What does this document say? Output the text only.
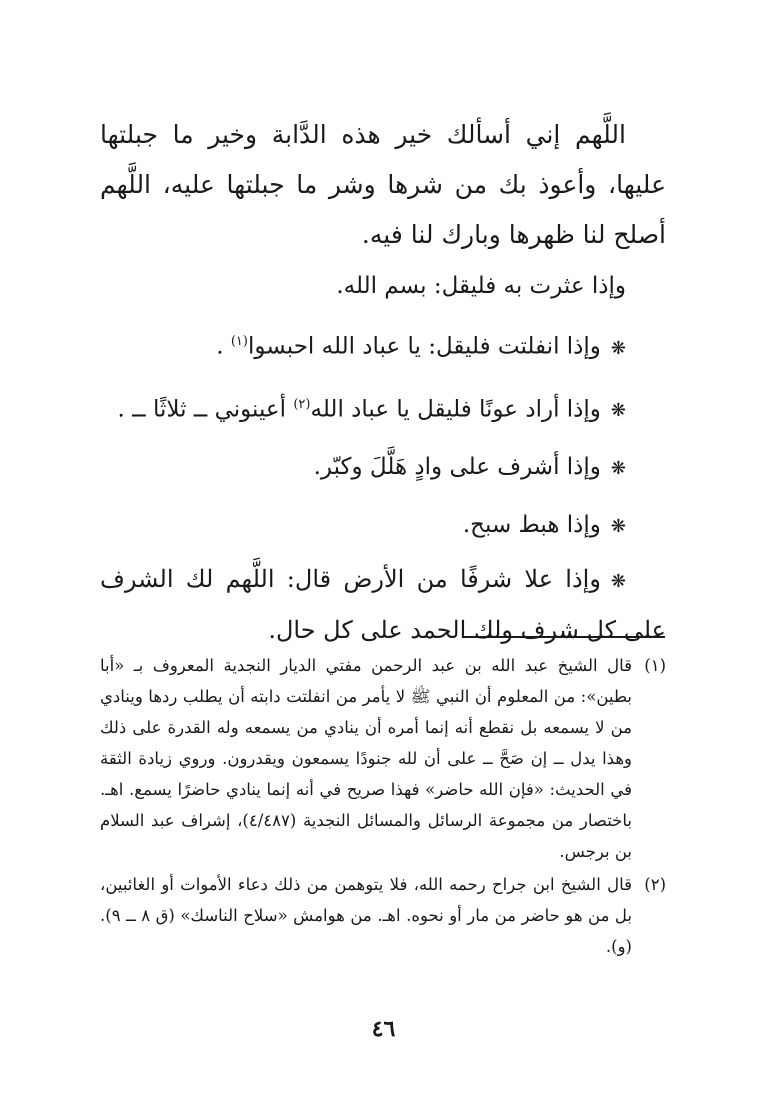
اللَّهم إني أسألك خير هذه الدَّابة وخير ما جبلتها عليها، وأعوذ بك من شرها وشر ما جبلتها عليه، اللَّهم أصلح لنا ظهرها وبارك لنا فيه.

وإذا عثرت به فليقل: بسم الله.

❋وإذا انفلتت فليقل: يا عباد الله احبسوا$^{(١)}$ .
❋وإذا أراد عونًا فليقل يا عباد الله$^{(٢)}$ أعينوني ــ ثلاثًا ــ .
❋وإذا أشرف على وادٍ هَلَّلَ وكبّر.
❋وإذا هبط سبح.

❋وإذا علا شرفًا من الأرض قال: اللَّهم لك الشرف على كل شرف ولك الحمد على كل حال.

(١)
قال الشيخ عبد الله بن عبد الرحمن مفتي الديار النجدية المعروف بـ «أبا بطين»: من المعلوم أن النبي ﷺ لا يأمر من انفلتت دابته أن يطلب ردها وينادي من لا يسمعه بل نقطع أنه إنما أمره أن ينادي من يسمعه وله القدرة على ذلك وهذا يدل ــ إن صَحَّ ــ على أن لله جنودًا يسمعون ويقدرون. وروي زيادة الثقة في الحديث: «فإن الله حاضر» فهذا صريح في أنه إنما ينادي حاضرًا يسمع. اهـ. باختصار من مجموعة الرسائل والمسائل النجدية (٤/٤٨٧)، إشراف عبد السلام بن برجس.
(٢)
قال الشيخ ابن جراح رحمه الله، فلا يتوهمن من ذلك دعاء الأموات أو الغائبين، بل من هو حاضر من مار أو نحوه. اهـ. من هوامش «سلاح الناسك» (ق ٨ ــ ٩). (و).
٤٦
